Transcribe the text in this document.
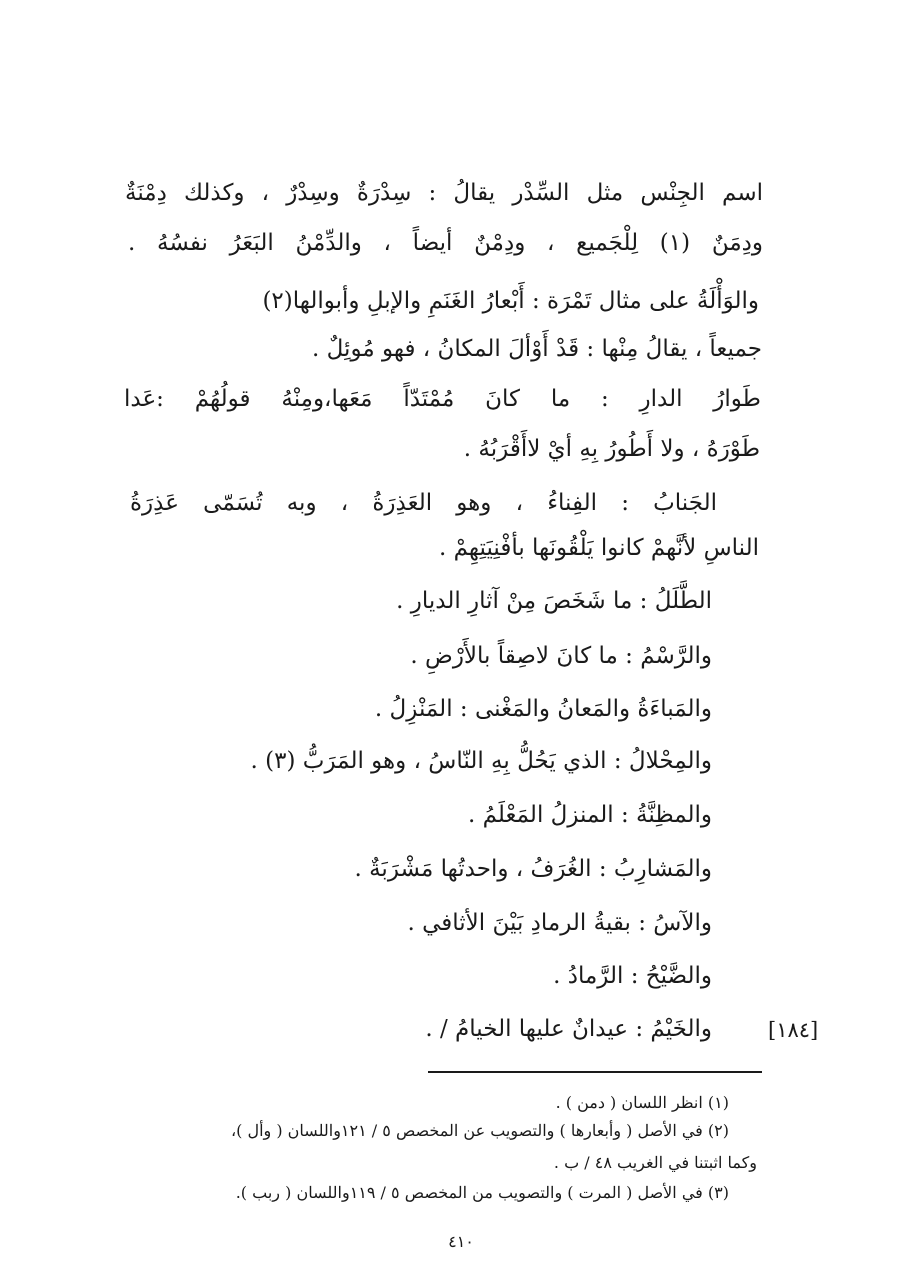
اسم الجِنْس مثل السِّدْر يقالُ : سِدْرَةٌ وسِدْرٌ ، وكذلك دِمْنَةٌ
ودِمَنٌ (١) لِلْجَميع ، ودِمْنٌ أيضاً ، والدِّمْنُ البَعَرُ نفسُهُ .
والوَأْلَةُ على مثال تَمْرَة : أَبْعارُ الغَنَمِ والإبلِ وأبوالها(٢)
جميعاً ، يقالُ مِنْها : قَدْ أَوْألَ المكانُ ، فهو مُوئِلٌ .
طَوارُ الدارِ : ما كانَ مُمْتَدّاً مَعَها،ومِنْهُ قولُهُمْ :عَدا
طَوْرَهُ ، ولا أَطُورُ بِهِ أيْ لاأَقْرَبُهُ .
الجَنابُ : الفِناءُ ، وهو العَذِرَةُ ، وبه تُسَمّى عَذِرَةُ
الناسِ لأنَّهمْ كانوا يَلْقُونَها بأفْنِيَتِهِمْ .
الطَّلَلُ : ما شَخَصَ مِنْ آثارِ الديارِ .
والرَّسْمُ : ما كانَ لاصِقاً بالأَرْضِ .
والمَباءَةُ والمَعانُ والمَغْنى : المَنْزِلُ .
والمِحْلالُ : الذي يَحُلُّ بِهِ النّاسُ ، وهو المَرَبُّ (٣) .
والمظِنَّةُ : المنزلُ المَعْلَمُ .
والمَشارِبُ : الغُرَفُ ، واحدتُها مَشْرَبَةٌ .
والآسُ : بقيةُ الرمادِ بَيْنَ الأثافي .
والضَّيْحُ : الرَّمادُ .
والخَيْمُ : عيدانٌ عليها الخيامُ / .	[١٨٤]
(١) انظر اللسان ( دمن ) .
(٢) في الأصل ( وأبعارها ) والتصويب عن المخصص ٥ / ١٢١واللسان ( وأل )،
وكما اثبتنا في الغريب ٤٨ / ب .
(٣) في الأصل ( المرت ) والتصويب من المخصص ٥ / ١١٩واللسان ( ربب ).
٤١٠
